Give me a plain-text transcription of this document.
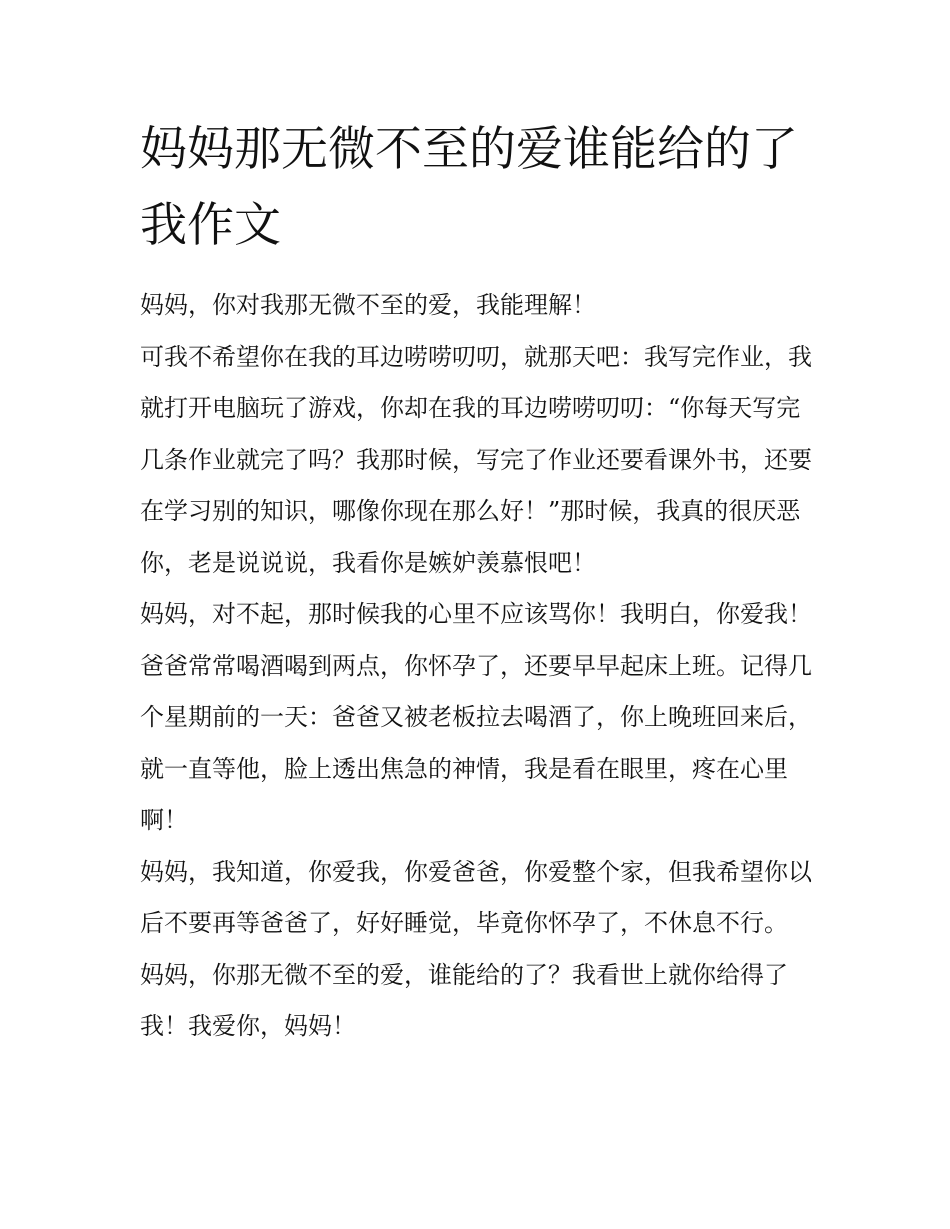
妈妈那无微不至的爱谁能给的了我作文

妈妈，你对我那无微不至的爱，我能理解！

可我不希望你在我的耳边唠唠叨叨，就那天吧：我写完作业，我就打开电脑玩了游戏，你却在我的耳边唠唠叨叨：“你每天写完几条作业就完了吗？我那时候，写完了作业还要看课外书，还要在学习别的知识，哪像你现在那么好！”那时候，我真的很厌恶你，老是说说说，我看你是嫉妒羡慕恨吧！

妈妈，对不起，那时候我的心里不应该骂你！我明白，你爱我！爸爸常常喝酒喝到两点，你怀孕了，还要早早起床上班。记得几个星期前的一天：爸爸又被老板拉去喝酒了，你上晚班回来后，就一直等他，脸上透出焦急的神情，我是看在眼里，疼在心里啊！

妈妈，我知道，你爱我，你爱爸爸，你爱整个家，但我希望你以后不要再等爸爸了，好好睡觉，毕竟你怀孕了，不休息不行。

妈妈，你那无微不至的爱，谁能给的了？我看世上就你给得了我！我爱你，妈妈！
